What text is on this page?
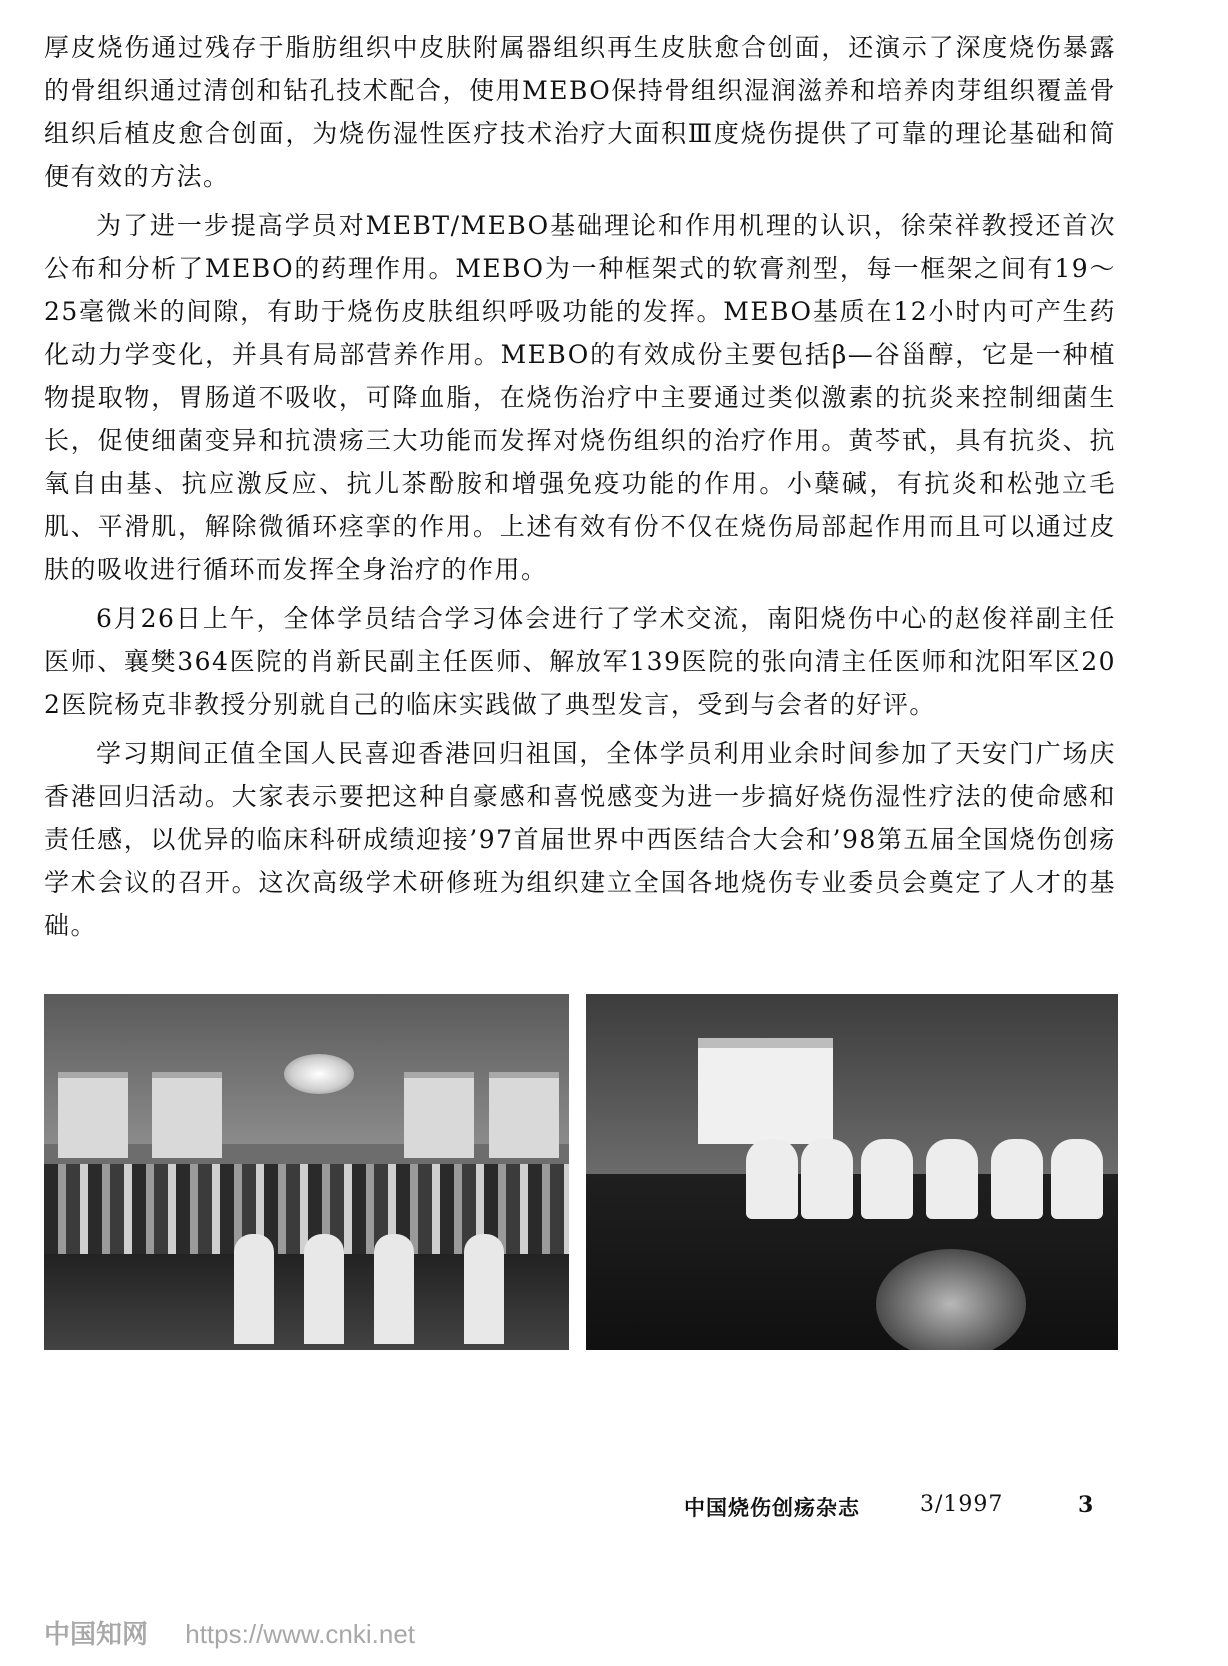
厚皮烧伤通过残存于脂肪组织中皮肤附属器组织再生皮肤愈合创面，还演示了深度烧伤暴露的骨组织通过清创和钻孔技术配合，使用MEBO保持骨组织湿润滋养和培养肉芽组织覆盖骨组织后植皮愈合创面，为烧伤湿性医疗技术治疗大面积Ⅲ度烧伤提供了可靠的理论基础和简便有效的方法。

为了进一步提高学员对MEBT/MEBO基础理论和作用机理的认识，徐荣祥教授还首次公布和分析了MEBO的药理作用。MEBO为一种框架式的软膏剂型，每一框架之间有19～25毫微米的间隙，有助于烧伤皮肤组织呼吸功能的发挥。MEBO基质在12小时内可产生药化动力学变化，并具有局部营养作用。MEBO的有效成份主要包括β—谷甾醇，它是一种植物提取物，胃肠道不吸收，可降血脂，在烧伤治疗中主要通过类似激素的抗炎来控制细菌生长，促使细菌变异和抗溃疡三大功能而发挥对烧伤组织的治疗作用。黄芩甙，具有抗炎、抗氧自由基、抗应激反应、抗儿茶酚胺和增强免疫功能的作用。小蘖碱，有抗炎和松弛立毛肌、平滑肌，解除微循环痉挛的作用。上述有效有份不仅在烧伤局部起作用而且可以通过皮肤的吸收进行循环而发挥全身治疗的作用。

6月26日上午，全体学员结合学习体会进行了学术交流，南阳烧伤中心的赵俊祥副主任医师、襄樊364医院的肖新民副主任医师、解放军139医院的张向清主任医师和沈阳军区202医院杨克非教授分别就自己的临床实践做了典型发言，受到与会者的好评。

学习期间正值全国人民喜迎香港回归祖国，全体学员利用业余时间参加了天安门广场庆香港回归活动。大家表示要把这种自豪感和喜悦感变为进一步搞好烧伤湿性疗法的使命感和责任感，以优异的临床科研成绩迎接’97首届世界中西医结合大会和’98第五届全国烧伤创疡学术会议的召开。这次高级学术研修班为组织建立全国各地烧伤专业委员会奠定了人才的基础。

中国烧伤创疡杂志	3/1997	3
中国知网 https://www.cnki.net
